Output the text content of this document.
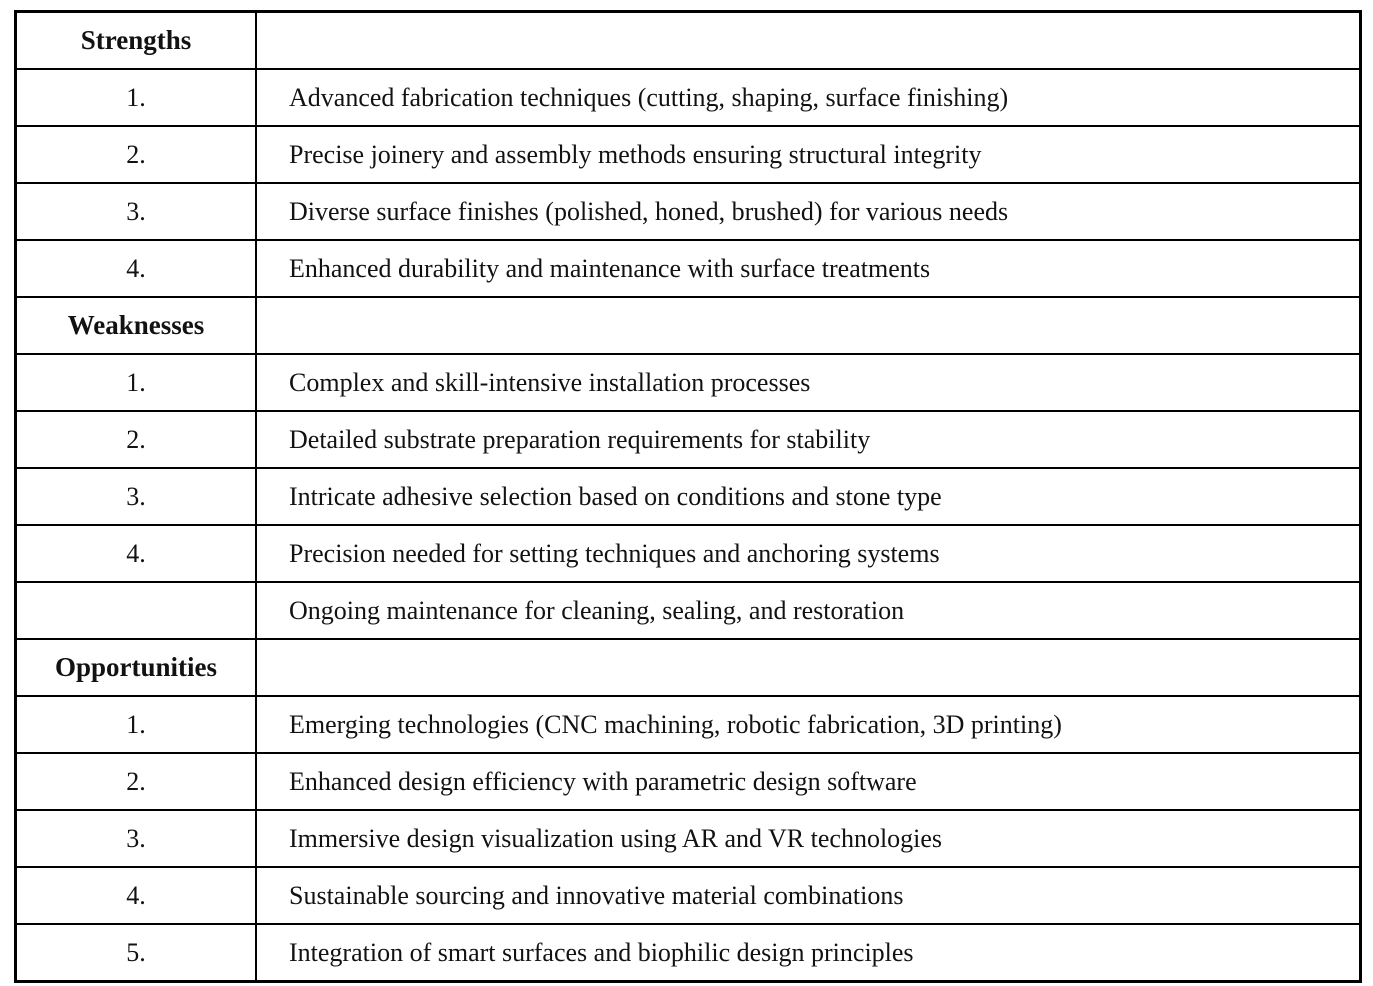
Strengths	
1.	Advanced fabrication techniques (cutting, shaping, surface finishing)
2.	Precise joinery and assembly methods ensuring structural integrity
3.	Diverse surface finishes (polished, honed, brushed) for various needs
4.	Enhanced durability and maintenance with surface treatments
Weaknesses	
1.	Complex and skill-intensive installation processes
2.	Detailed substrate preparation requirements for stability
3.	Intricate adhesive selection based on conditions and stone type
4.	Precision needed for setting techniques and anchoring systems
	Ongoing maintenance for cleaning, sealing, and restoration
Opportunities	
1.	Emerging technologies (CNC machining, robotic fabrication, 3D printing)
2.	Enhanced design efficiency with parametric design software
3.	Immersive design visualization using AR and VR technologies
4.	Sustainable sourcing and innovative material combinations
5.	Integration of smart surfaces and biophilic design principles
